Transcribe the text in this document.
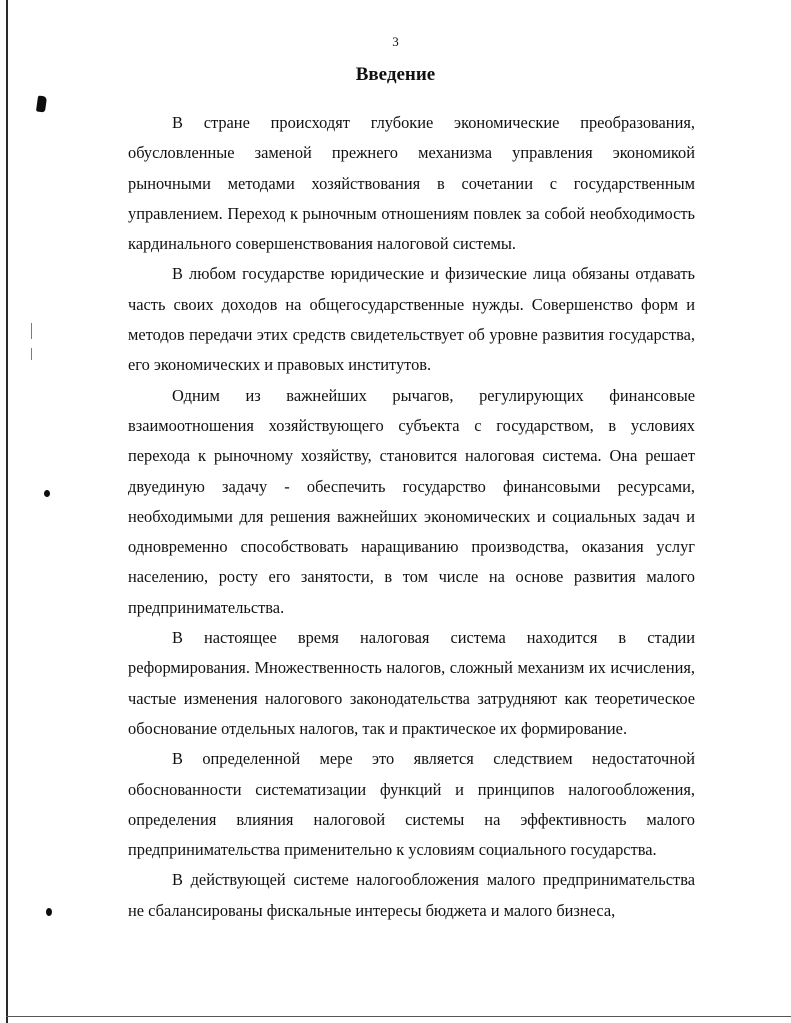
3
Введение

В стране происходят глубокие экономические преобразования, обусловленные заменой прежнего механизма управления экономикой рыночными методами хозяйствования в сочетании с государственным управлением. Переход к рыночным отношениям повлек за собой необходимость кардинального совершенствования налоговой системы.

В любом государстве юридические и физические лица обязаны отдавать часть своих доходов на общегосударственные нужды. Совершенство форм и методов передачи этих средств свидетельствует об уровне развития государства, его экономических и правовых институтов.

Одним из важнейших рычагов, регулирующих финансовые взаимоотношения хозяйствующего субъекта с государством, в условиях перехода к рыночному хозяйству, становится налоговая система. Она решает двуединую задачу - обеспечить государство финансовыми ресурсами, необходимыми для решения важнейших экономических и социальных задач и одновременно способствовать наращиванию производства, оказания услуг населению, росту его занятости, в том числе на основе развития малого предпринимательства.

В настоящее время налоговая система находится в стадии реформирования. Множественность налогов, сложный механизм их исчисления, частые изменения налогового законодательства затрудняют как теоретическое обоснование отдельных налогов, так и практическое их формирование.

В определенной мере это является следствием недостаточной обоснованности систематизации функций и принципов налогообложения, определения влияния налоговой системы на эффективность малого предпринимательства применительно к условиям социального государства.

В действующей системе налогообложения малого предпринимательства не сбалансированы фискальные интересы бюджета и малого бизнеса,
